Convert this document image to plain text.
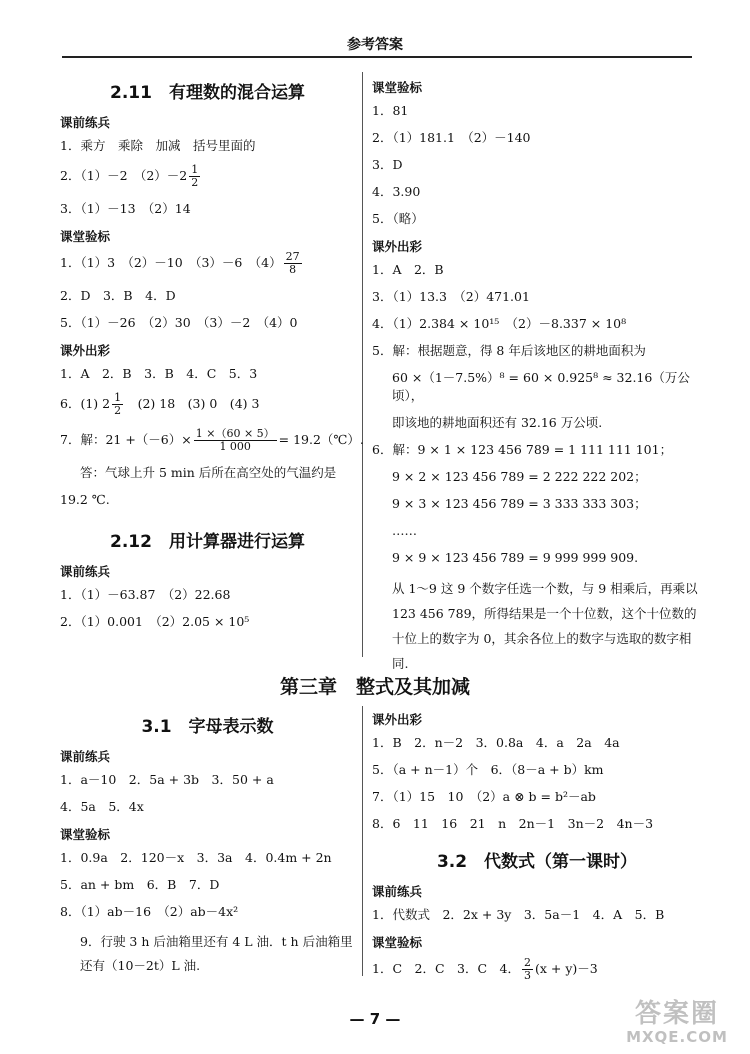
参考答案
2.11　有理数的混合运算
课前练兵

1．乘方　乘除　加减　括号里面的

2．（1）－2　$(2)-2 \frac{1}{2}$

3．（1）－13　（2）14

课堂验标

1．（1）3　（2）－10　（3）－6　$(4) \frac{27}{8}$

2．D　3．B　4．D

5．（1）－26　（2）30　（3）－2　（4）0

课外出彩

1．A　2．B　3．B　4．C　5．3

6．(1) $2 \frac{1}{2}$ 　(2) 18　(3) 0　(4) 3

7．解：$21 +(-6)\times \frac{1 \times(60 \times 5)}{1 000}$ = 19.2（℃）.

答：气球上升 5 min 后所在高空处的气温约是

19.2 ℃.

2.12　用计算器进行运算
课前练兵

1．（1）－63.87　（2）22.68

2．（1）0.001　（2）2.05 × 10⁵

课堂验标

1．81

2．（1）181.1　（2）－140

3．D

4．3.90

5．（略）

课外出彩

1．A　2．B

3．（1）13.3　（2）471.01

4．（1）2.384 × 10¹⁵　（2）－8.337 × 10⁸

5．解：根据题意，得 8 年后该地区的耕地面积为

60 ×（1－7.5%）⁸ = 60 × 0.925⁸ ≈ 32.16（万公顷），

即该地的耕地面积还有 32.16 万公顷.

6．解：9 × 1 × 123 456 789 = 1 111 111 101；

9 × 2 × 123 456 789 = 2 222 222 202；

9 × 3 × 123 456 789 = 3 333 333 303；

……

9 × 9 × 123 456 789 = 9 999 999 909.

从 1～9 这 9 个数字任选一个数，与 9 相乘后，再乘以 123 456 789，所得结果是一个十位数，这个十位数的十位上的数字为 0，其余各位上的数字与选取的数字相同.

第三章　整式及其加减
3.1　字母表示数
课前练兵

1．a－10　2．5a + 3b　3．50 + a

4．5a　5．4x

课堂验标

1．0.9a　2．120－x　3．3a　4．0.4m + 2n

5．an + bm　6．B　7．D

8．（1）ab－16　（2）ab－4x²

9．行驶 3 h 后油箱里还有 4 L 油．t h 后油箱里还有（10－2t）L 油.

课外出彩

1．B　2．n－2　3．0.8a　4．a　2a　4a

5．（a + n－1）个　6．（8－a + b）km

7．（1）15　10　（2）a ⊗ b = b²－ab

8．6　11　16　21　n　2n－1　3n－2　4n－3

3.2　代数式（第一课时）
课前练兵

1．代数式　2．2x + 3y　3．5a－1　4．A　5．B

课堂验标

1．C　2．C　3．C　4． $\frac{2}{3} (x + y)-3$

— 7 —	答案圈
MXQE.COM
